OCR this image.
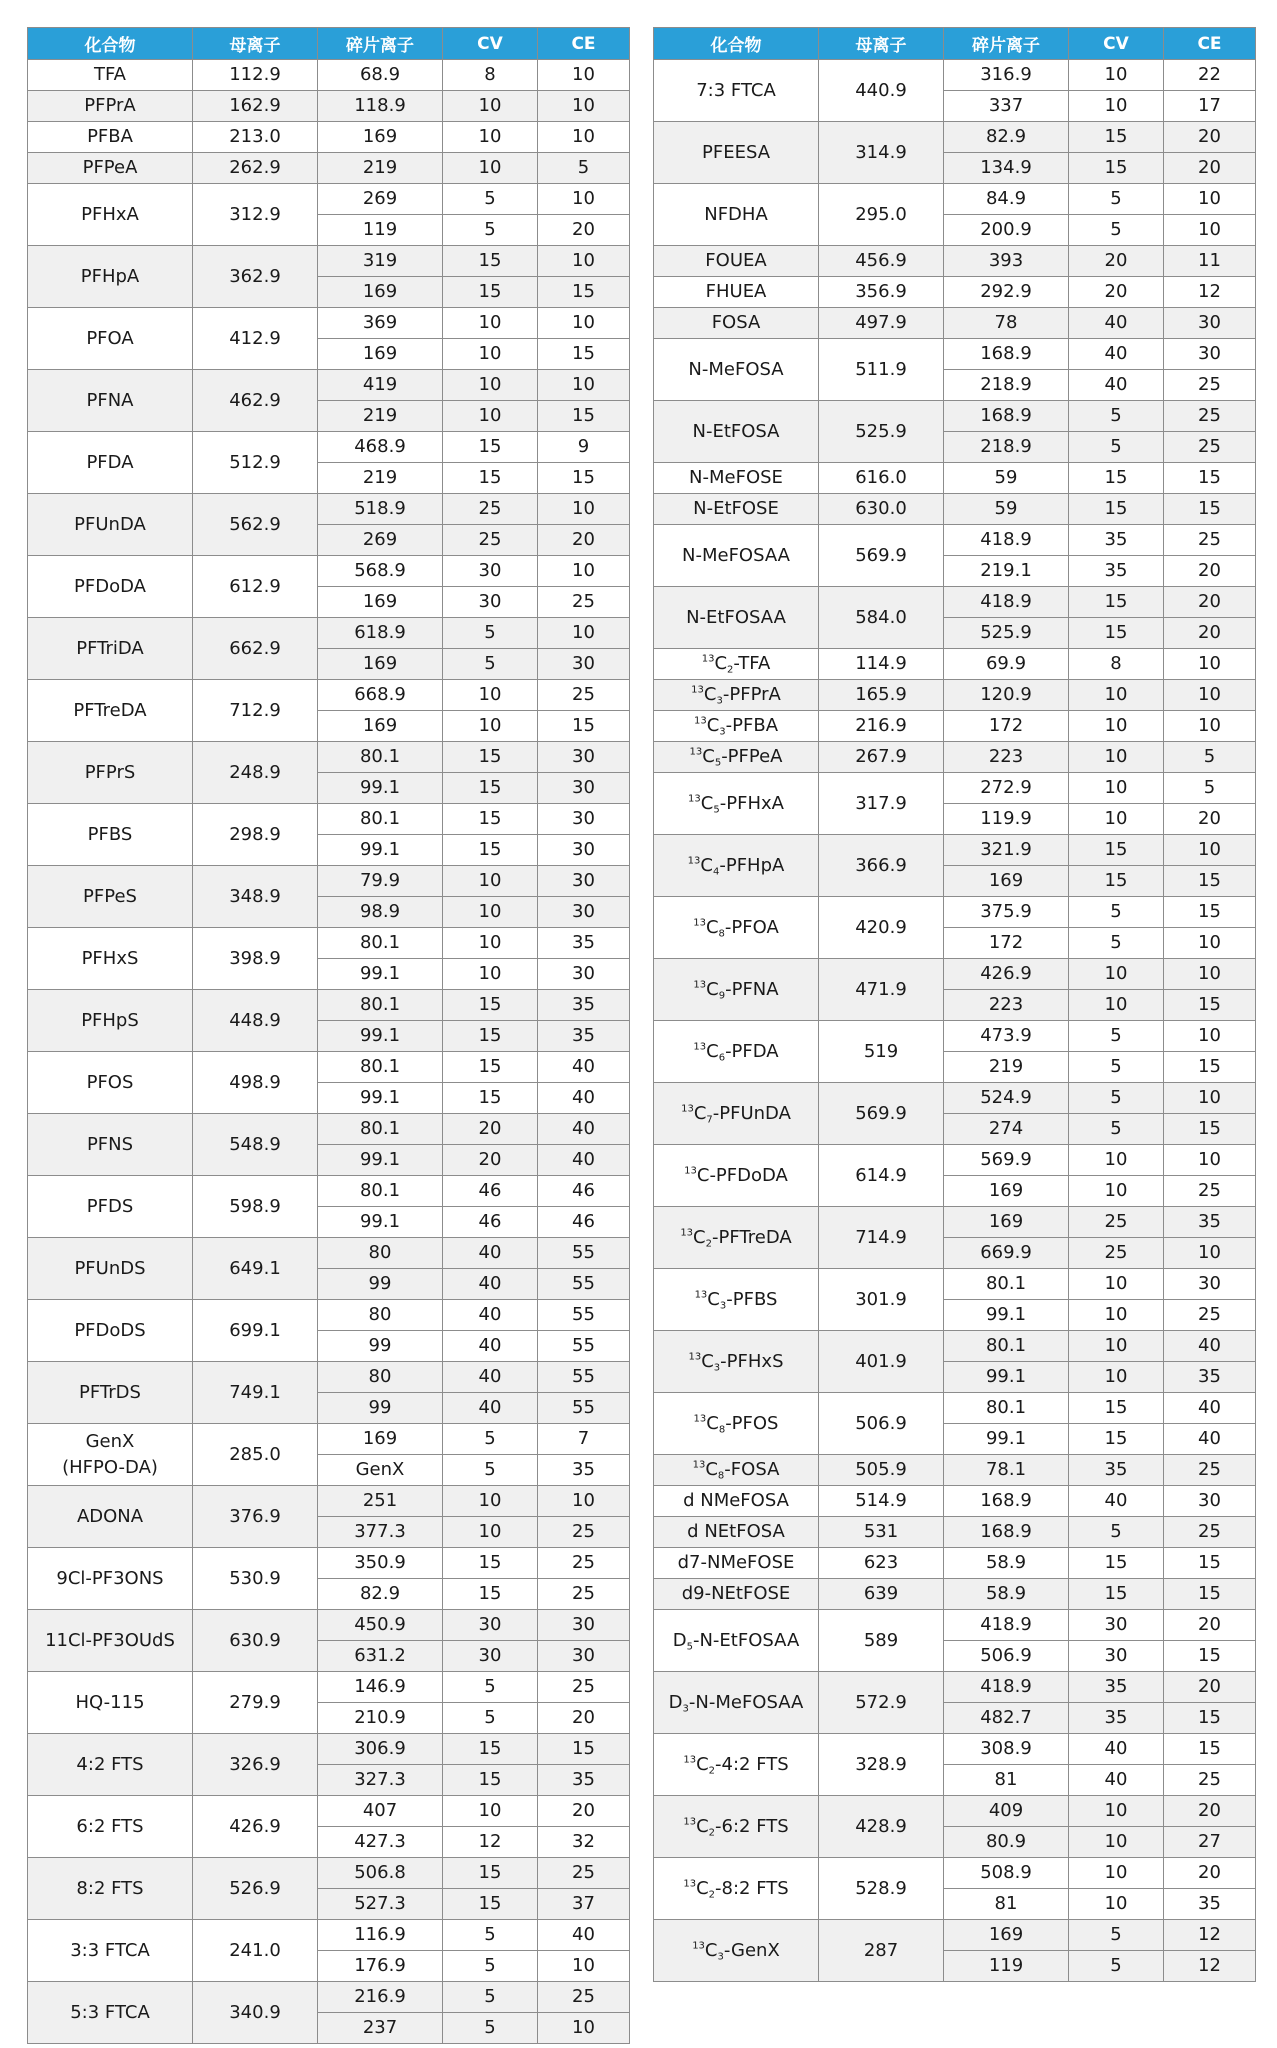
化合物	母离子	碎片离子	CV	CE
TFA	112.9	68.9	8	10
PFPrA	162.9	118.9	10	10
PFBA	213.0	169	10	10
PFPeA	262.9	219	10	5
PFHxA	312.9	269	5	10
		119	5	20
PFHpA	362.9	319	15	10
		169	15	15
PFOA	412.9	369	10	10
		169	10	15
PFNA	462.9	419	10	10
		219	10	15
PFDA	512.9	468.9	15	9
		219	15	15
PFUnDA	562.9	518.9	25	10
		269	25	20
PFDoDA	612.9	568.9	30	10
		169	30	25
PFTriDA	662.9	618.9	5	10
		169	5	30
PFTreDA	712.9	668.9	10	25
		169	10	15
PFPrS	248.9	80.1	15	30
		99.1	15	30
PFBS	298.9	80.1	15	30
		99.1	15	30
PFPeS	348.9	79.9	10	30
		98.9	10	30
PFHxS	398.9	80.1	10	35
		99.1	10	30
PFHpS	448.9	80.1	15	35
		99.1	15	35
PFOS	498.9	80.1	15	40
		99.1	15	40
PFNS	548.9	80.1	20	40
		99.1	20	40
PFDS	598.9	80.1	46	46
		99.1	46	46
PFUnDS	649.1	80	40	55
		99	40	55
PFDoDS	699.1	80	40	55
		99	40	55
PFTrDS	749.1	80	40	55
		99	40	55
GenX
(HFPO-DA)	285.0	169	5	7
		GenX	5	35
ADONA	376.9	251	10	10
		377.3	10	25
9Cl-PF3ONS	530.9	350.9	15	25
		82.9	15	25
11Cl-PF3OUdS	630.9	450.9	30	30
		631.2	30	30
HQ-115	279.9	146.9	5	25
		210.9	5	20
4:2 FTS	326.9	306.9	15	15
		327.3	15	35
6:2 FTS	426.9	407	10	20
		427.3	12	32
8:2 FTS	526.9	506.8	15	25
		527.3	15	37
3:3 FTCA	241.0	116.9	5	40
		176.9	5	10
5:3 FTCA	340.9	216.9	5	25
		237	5	10
化合物	母离子	碎片离子	CV	CE
7:3 FTCA	440.9	316.9	10	22
		337	10	17
PFEESA	314.9	82.9	15	20
		134.9	15	20
NFDHA	295.0	84.9	5	10
		200.9	5	10
FOUEA	456.9	393	20	11
FHUEA	356.9	292.9	20	12
FOSA	497.9	78	40	30
N-MeFOSA	511.9	168.9	40	30
		218.9	40	25
N-EtFOSA	525.9	168.9	5	25
		218.9	5	25
N-MeFOSE	616.0	59	15	15
N-EtFOSE	630.0	59	15	15
N-MeFOSAA	569.9	418.9	35	25
		219.1	35	20
N-EtFOSAA	584.0	418.9	15	20
		525.9	15	20
$^{13}C_2$-TFA	114.9	69.9	8	10
$^{13}C_3$-PFPrA	165.9	120.9	10	10
$^{13}C_3$-PFBA	216.9	172	10	10
$^{13}C_5$-PFPeA	267.9	223	10	5
$^{13}C_5$-PFHxA	317.9	272.9	10	5
		119.9	10	20
$^{13}C_4$-PFHpA	366.9	321.9	15	10
		169	15	15
$^{13}C_8$-PFOA	420.9	375.9	5	15
		172	5	10
$^{13}C_9$-PFNA	471.9	426.9	10	10
		223	10	15
$^{13}C_6$-PFDA	519	473.9	5	10
		219	5	15
$^{13}C_7$-PFUnDA	569.9	524.9	5	10
		274	5	15
$^{13}$C-PFDoDA	614.9	569.9	10	10
		169	10	25
$^{13}C_2$-PFTreDA	714.9	169	25	35
		669.9	25	10
$^{13}C_3$-PFBS	301.9	80.1	10	30
		99.1	10	25
$^{13}C_3$-PFHxS	401.9	80.1	10	40
		99.1	10	35
$^{13}C_8$-PFOS	506.9	80.1	15	40
		99.1	15	40
$^{13}C_8$-FOSA	505.9	78.1	35	25
d NMeFOSA	514.9	168.9	40	30
d NEtFOSA	531	168.9	5	25
d7-NMeFOSE	623	58.9	15	15
d9-NEtFOSE	639	58.9	15	15
$D_5-N$-EtFOSAA	589	418.9	30	20
		506.9	30	15
$D_3-N$-MeFOSAA	572.9	418.9	35	20
		482.7	35	15
$^{13}C_2-4:2$ FTS	328.9	308.9	40	15
		81	40	25
$^{13}C_2-6:2$ FTS	428.9	409	10	20
		80.9	10	27
$^{13}C_2-8:2$ FTS	528.9	508.9	10	20
		81	10	35
$^{13}C_3$-GenX	287	169	5	12
		119	5	12
